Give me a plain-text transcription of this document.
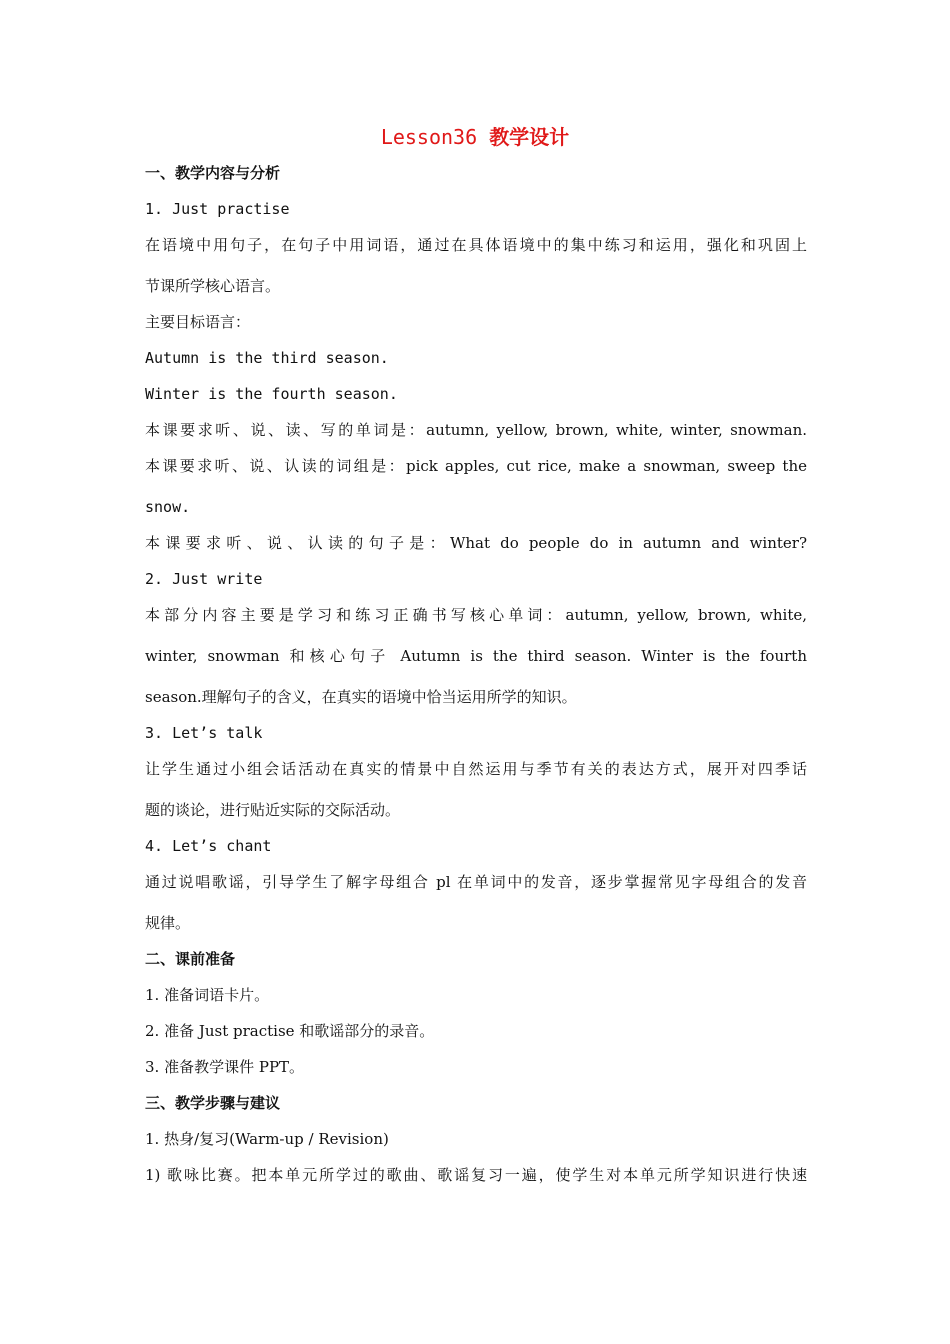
Lesson36 教学设计
一、教学内容与分析
1. Just practise
在语境中用句子，在句子中用词语，通过在具体语境中的集中练习和运用，强化和巩固上
节课所学核心语言。
主要目标语言：
Autumn is the third season.
Winter is the fourth season.
本课要求听、说、读、写的单词是：autumn, yellow, brown, white, winter, snowman.
本课要求听、说、认读的词组是：pick apples, cut rice, make a snowman, sweep the
snow.
本课要求听、说、认读的句子是：What do people do in autumn and winter?
2. Just write
本部分内容主要是学习和练习正确书写核心单词：autumn, yellow, brown, white,
winter, snowman 和核心句子 Autumn is the third season. Winter is the fourth
season.理解句子的含义，在真实的语境中恰当运用所学的知识。
3. Let’s talk
让学生通过小组会话活动在真实的情景中自然运用与季节有关的表达方式，展开对四季话
题的谈论，进行贴近实际的交际活动。
4. Let’s chant
通过说唱歌谣，引导学生了解字母组合 pl 在单词中的发音，逐步掌握常见字母组合的发音
规律。
二、课前准备
1. 准备词语卡片。
2. 准备 Just practise 和歌谣部分的录音。
3. 准备教学课件 PPT。
三、教学步骤与建议
1. 热身/复习(Warm-up / Revision)
1) 歌咏比赛。把本单元所学过的歌曲、歌谣复习一遍，使学生对本单元所学知识进行快速
